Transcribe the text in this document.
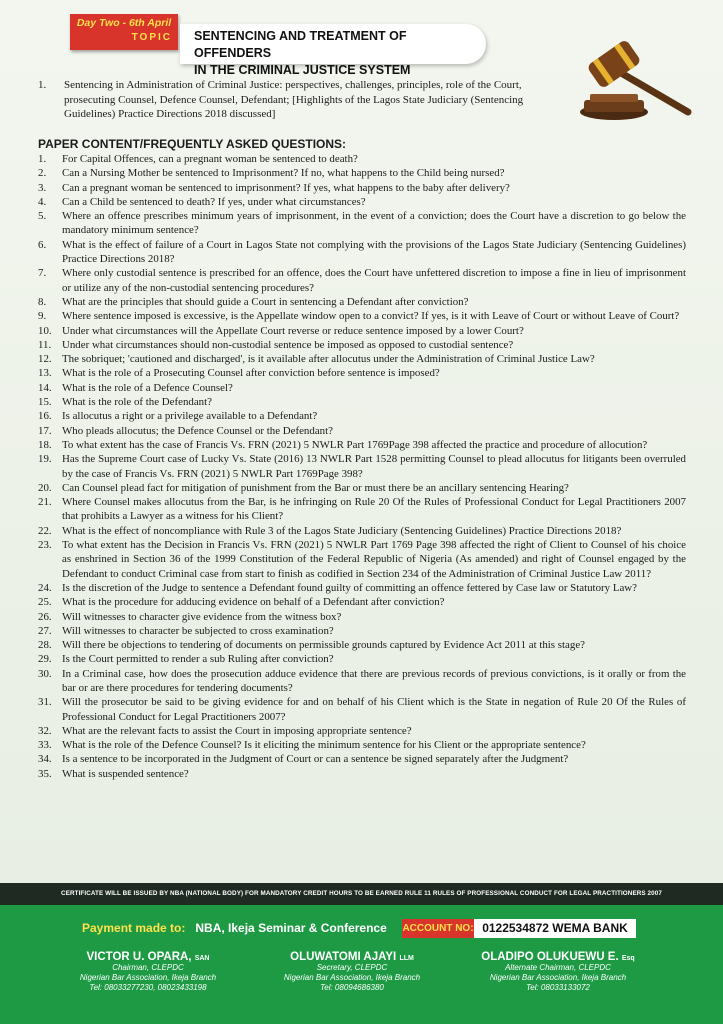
Day Two - 6th April
TOPIC	SENTENCING AND TREATMENT OF OFFENDERS
IN THE CRIMINAL JUSTICE SYSTEM
1. Sentencing in Administration of Criminal Justice: perspectives, challenges, principles, role of the Court, prosecuting Counsel, Defence Counsel, Defendant; [Highlights of the Lagos State Judiciary (Sentencing Guidelines) Practice Directions 2018 discussed]
PAPER CONTENT/FREQUENTLY ASKED QUESTIONS:
1. For Capital Offences, can a pregnant woman be sentenced to death?
2. Can a Nursing Mother be sentenced to Imprisonment? If no, what happens to the Child being nursed?
3. Can a pregnant woman be sentenced to imprisonment? If yes, what happens to the baby after delivery?
4. Can a Child be sentenced to death? If yes, under what circumstances?
5. Where an offence prescribes minimum years of imprisonment, in the event of a conviction; does the Court have a discretion to go below the mandatory minimum sentence?
6. What is the effect of failure of a Court in Lagos State not complying with the provisions of the Lagos State Judiciary (Sentencing Guidelines) Practice Directions 2018?
7. Where only custodial sentence is prescribed for an offence, does the Court have unfettered discretion to impose a fine in lieu of imprisonment or utilize any of the non-custodial sentencing procedures?
8. What are the principles that should guide a Court in sentencing a Defendant after conviction?
9. Where sentence imposed is excessive, is the Appellate window open to a convict? If yes, is it with Leave of Court or without Leave of Court?
10. Under what circumstances will the Appellate Court reverse or reduce sentence imposed by a lower Court?
11. Under what circumstances should non-custodial sentence be imposed as opposed to custodial sentence?
12. The sobriquet; 'cautioned and discharged', is it available after allocutus under the Administration of Criminal Justice Law?
13. What is the role of a Prosecuting Counsel after conviction before sentence is imposed?
14. What is the role of a Defence Counsel?
15. What is the role of the Defendant?
16. Is allocutus a right or a privilege available to a Defendant?
17. Who pleads allocutus; the Defence Counsel or the Defendant?
18. To what extent has the case of Francis Vs. FRN (2021) 5 NWLR Part 1769Page 398 affected the practice and procedure of allocution?
19. Has the Supreme Court case of Lucky Vs. State (2016) 13 NWLR Part 1528 permitting Counsel to plead allocutus for litigants been overruled by the case of Francis Vs. FRN (2021) 5 NWLR Part 1769Page 398?
20. Can Counsel plead fact for mitigation of punishment from the Bar or must there be an ancillary sentencing Hearing?
21. Where Counsel makes allocutus from the Bar, is he infringing on Rule 20 Of the Rules of Professional Conduct for Legal Practitioners 2007 that prohibits a Lawyer as a witness for his Client?
22. What is the effect of noncompliance with Rule 3 of the Lagos State Judiciary (Sentencing Guidelines) Practice Directions 2018?
23. To what extent has the Decision in Francis Vs. FRN (2021) 5 NWLR Part 1769 Page 398 affected the right of Client to Counsel of his choice as enshrined in Section 36 of the 1999 Constitution of the Federal Republic of Nigeria (As amended) and right of Counsel engaged by the Defendant to conduct Criminal case from start to finish as codified in Section 234 of the Administration of Criminal Justice Law 2011?
24. Is the discretion of the Judge to sentence a Defendant found guilty of committing an offence fettered by Case law or Statutory Law?
25. What is the procedure for adducing evidence on behalf of a Defendant after conviction?
26. Will witnesses to character give evidence from the witness box?
27. Will witnesses to character be subjected to cross examination?
28. Will there be objections to tendering of documents on permissible grounds captured by Evidence Act 2011 at this stage?
29. Is the Court permitted to render a sub Ruling after conviction?
30. In a Criminal case, how does the prosecution adduce evidence that there are previous records of previous convictions, is it orally or from the bar or are there procedures for tendering documents?
31. Will the prosecutor be said to be giving evidence for and on behalf of his Client which is the State in negation of Rule 20 Of the Rules of Professional Conduct for Legal Practitioners 2007?
32. What are the relevant facts to assist the Court in imposing appropriate sentence?
33. What is the role of the Defence Counsel? Is it eliciting the minimum sentence for his Client or the appropriate sentence?
34. Is a sentence to be incorporated in the Judgment of Court or can a sentence be signed separately after the Judgment?
35. What is suspended sentence?
CERTIFICATE WILL BE ISSUED BY NBA (NATIONAL BODY) FOR MANDATORY CREDIT HOURS TO BE EARNED RULE 11 RULES OF PROFESSIONAL CONDUCT FOR LEGAL PRACTITIONERS 2007
Payment made to: NBA, Ikeja Seminar & Conference ACCOUNT NO: 0122534872 WEMA BANK
VICTOR U. OPARA, SAN
Chairman, CLEPDC
Nigerian Bar Association, Ikeja Branch
Tel: 08033277230, 08023433198
OLUWATOMI AJAYI LLM
Secretary, CLEPDC
Nigerian Bar Association, Ikeja Branch
Tel: 08094686380
OLADIPO OLUKUEWU E. Esq
Alternate Chairman, CLEPDC
Nigerian Bar Association, Ikeja Branch
Tel: 08033133072
